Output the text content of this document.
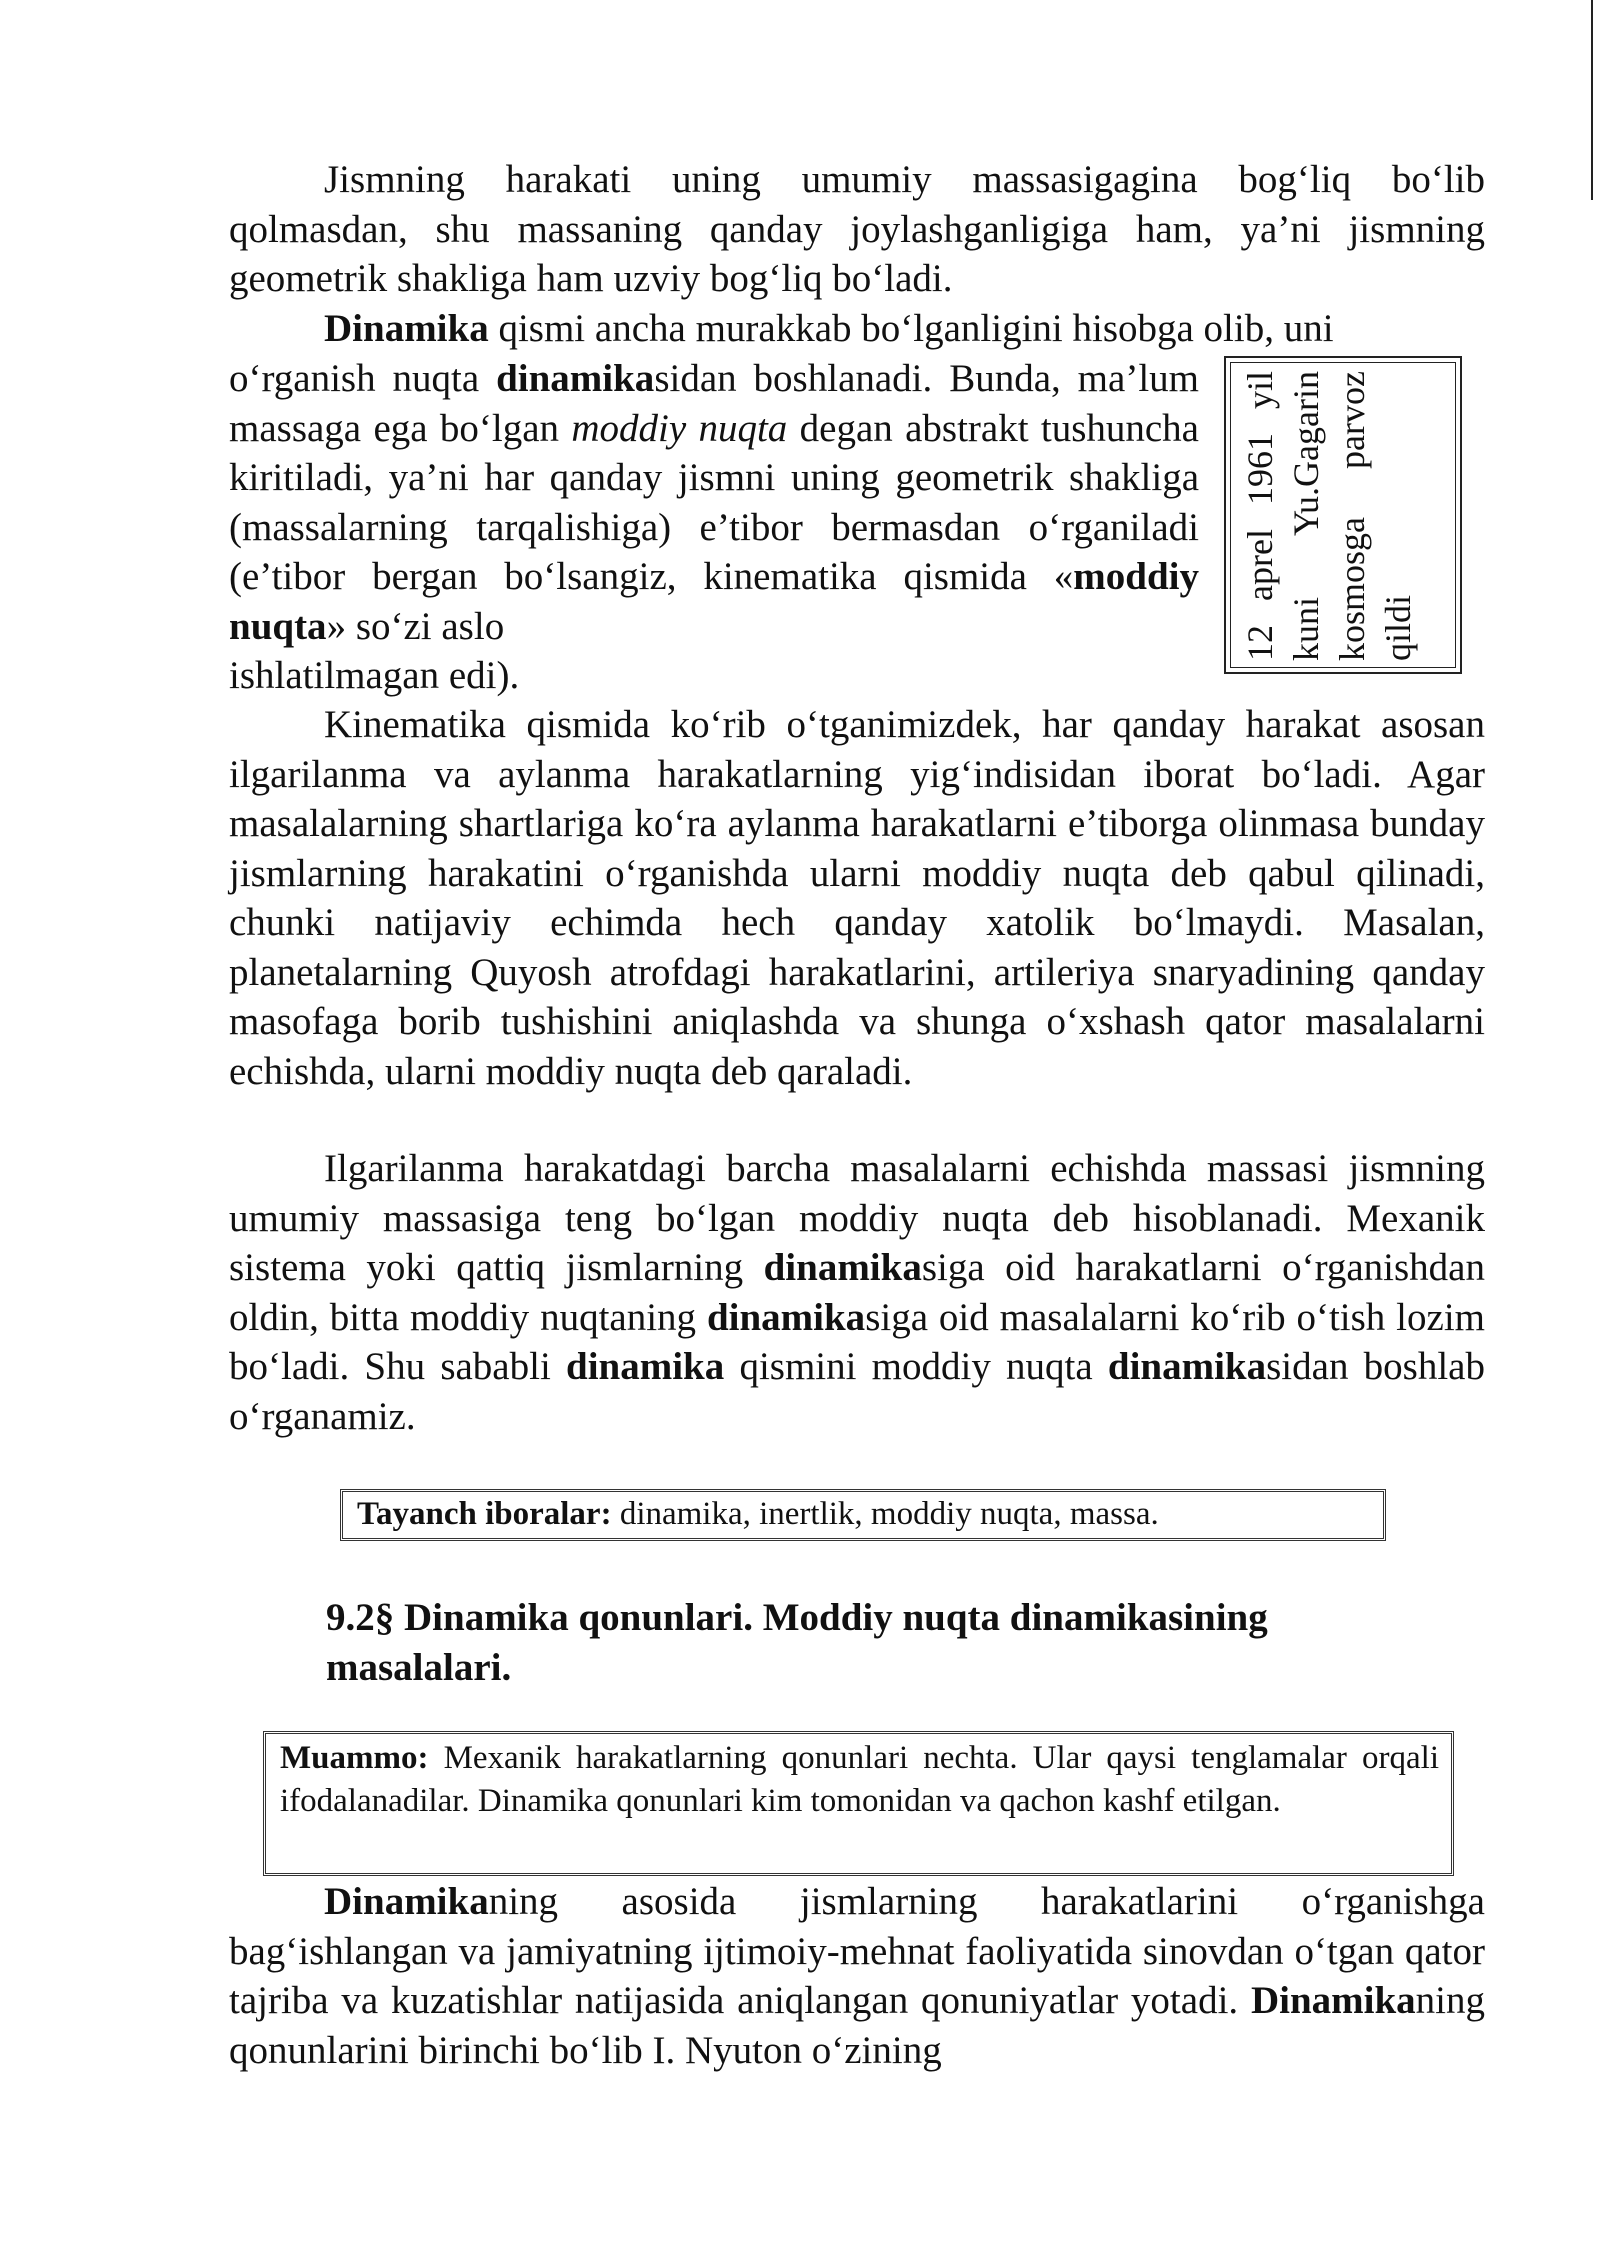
Jismning harakati uning umumiy massasigagina bog‘liq bo‘lib qolmasdan, shu massaning qanday joylashganligiga ham, ya’ni jismning geometrik shakliga ham uzviy bog‘liq bo‘ladi.

Dinamika qismi ancha murakkab bo‘lganligini hisobga olib, uni

o‘rganish nuqta dinamikasidan boshlanadi. Bunda, ma’lum massaga ega bo‘lgan moddiy nuqta degan abstrakt tushuncha kiritiladi, ya’ni har qanday jismni uning geometrik shakliga (massalarning tarqalishiga) e’tibor bermasdan o‘rganiladi (e’tibor bergan bo‘lsangiz, kinematika qismida «moddiy nuqta» so‘zi aslo

ishlatilmagan edi).

Kinematika qismida ko‘rib o‘tganimizdek, har qanday harakat asosan ilgarilanma va aylanma harakatlarning yig‘indisidan iborat bo‘ladi. Agar masalalarning shartlariga ko‘ra aylanma harakatlarni e’tiborga olinmasa bunday jismlarning harakatini o‘rganishda ularni moddiy nuqta deb qabul qilinadi, chunki natijaviy echimda hech qanday xatolik bo‘lmaydi. Masalan, planetalarning Quyosh atrofdagi harakatlarini, artileriya snaryadining qanday masofaga borib tushishini aniqlashda va shunga o‘xshash qator masalalarni echishda, ularni moddiy nuqta deb qaraladi.

Ilgarilanma harakatdagi barcha masalalarni echishda massasi jismning umumiy massasiga teng bo‘lgan moddiy nuqta deb hisoblanadi. Mexanik sistema yoki qattiq jismlarning dinamikasiga oid harakatlarni o‘rganishdan oldin, bitta moddiy nuqtaning dinamikasiga oid masalalarni ko‘rib o‘tish lozim bo‘ladi. Shu sababli dinamika qismini moddiy nuqta dinamikasidan boshlab o‘rganamiz.

Dinamikaning asosida jismlarning harakatlarini o‘rganishga bag‘ishlangan va jamiyatning ijtimoiy-mehnat faoliyatida sinovdan o‘tgan qator tajriba va kuzatishlar natijasida aniqlangan qonuniyatlar yotadi. Dinamikaning qonunlarini birinchi bo‘lib I. Nyuton o‘zining

12 aprel 1961 yil kuni Yu.Gagarin kosmosga parvoz qildi
Tayanch iboralar: dinamika, inertlik, moddiy nuqta, massa.
9.2§ Dinamika qonunlari. Moddiy nuqta dinamikasining
masalalari.
Muammo: Mexanik harakatlarning qonunlari nechta. Ular qaysi tenglamalar orqali ifodalanadilar. Dinamika qonunlari kim tomonidan va qachon kashf etilgan.
